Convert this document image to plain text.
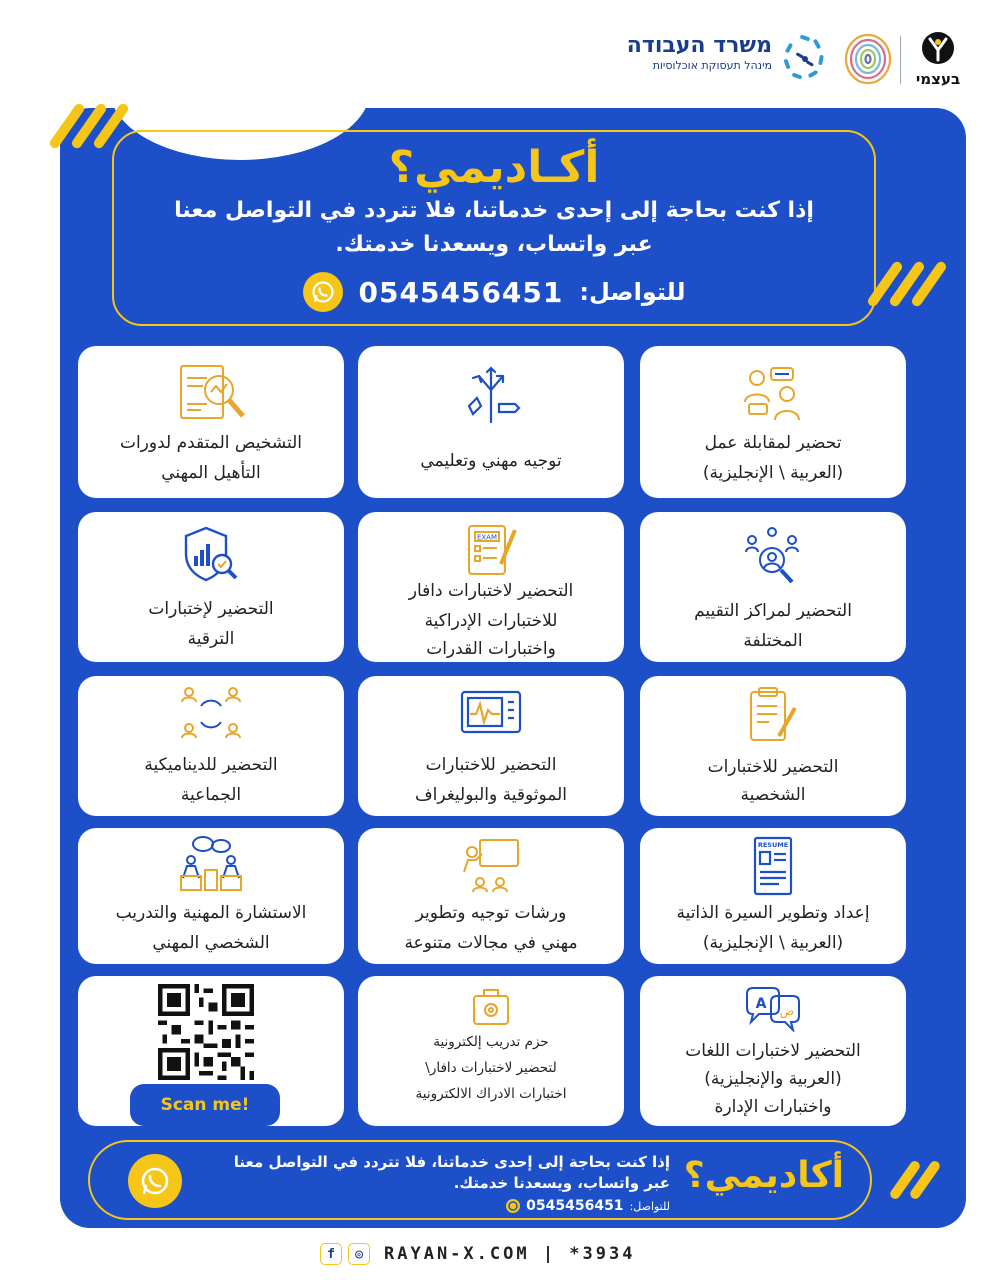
משרד העבודה
מינהל תעסוקת אוכלוסיות
בעצמי
أكـاديمي؟
إذا كنت بحاجة إلى إحدى خدماتنا، فلا تتردد في التواصل معنا
عبر واتساب، ويسعدنا خدمتك.
للتواصل:
0545456451
تحضير لمقابلة عمل
(العربية \ الإنجليزية)
توجيه مهني وتعليمي
التشخيص المتقدم لدورات
التأهيل المهني
التحضير لمراكز التقييم
المختلفة
EXAM
التحضير لاختبارات دافار
للاختبارات الإدراكية
واختبارات القدرات
التحضير لإختبارات
الترقية
التحضير للاختبارات
الشخصية
التحضير للاختبارات
الموثوقية والبوليغراف
التحضير للديناميكية
الجماعية
RESUME
إعداد وتطوير السيرة الذاتية
(العربية \ الإنجليزية)
ورشات توجيه وتطوير
مهني في مجالات متنوعة
الاستشارة المهنية والتدريب
الشخصي المهني
A ض
التحضير لاختبارات اللغات
(العربية والإنجليزية)
واختبارات الإدارة
حزم تدريب إلكترونية
لتحضير لاختبارات دافار\
اختبارات الادراك الالكترونية
Scan me!
أكاديمي؟
إذا كنت بحاجة إلى إحدى خدماتنا، فلا تتردد في التواصل معنا
عبر واتساب، ويسعدنا خدمتك.
للتواصل:
0545456451
f	◎	RAYAN-X.COM | *3934
